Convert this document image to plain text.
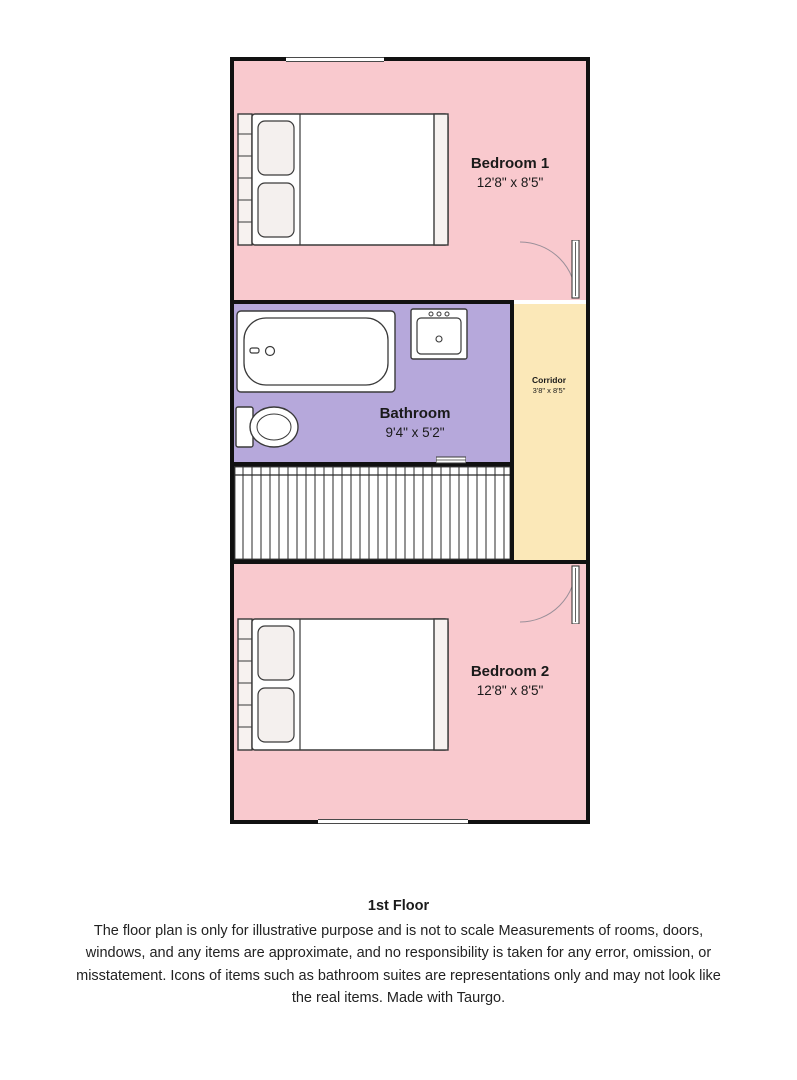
Bedroom 1
12'8" x 8'5"
Bathroom
9'4" x 5'2"
Corridor
3'8" x 8'5"
Bedroom 2
12'8" x 8'5"
1st Floor
The floor plan is only for illustrative purpose and is not to scale Measurements of rooms, doors, windows, and any items are approximate, and no responsibility is taken for any error, omission, or misstatement. Icons of items such as bathroom suites are representations only and may not look like the real items. Made with Taurgo.
